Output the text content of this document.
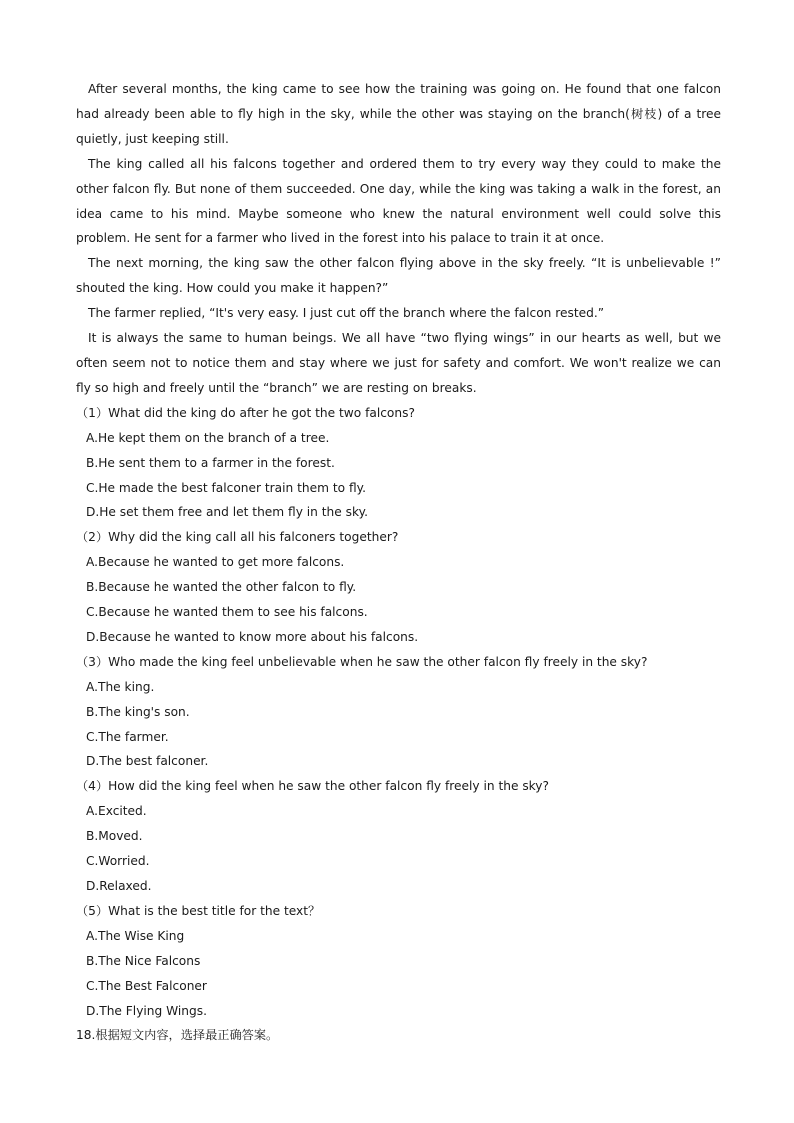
After several months, the king came to see how the training was going on. He found that one falcon had already been able to fly high in the sky, while the other was staying on the branch(树枝) of a tree quietly, just keeping still.

The king called all his falcons together and ordered them to try every way they could to make the other falcon fly. But none of them succeeded. One day, while the king was taking a walk in the forest, an idea came to his mind. Maybe someone who knew the natural environment well could solve this problem. He sent for a farmer who lived in the forest into his palace to train it at once.

The next morning, the king saw the other falcon flying above in the sky freely. “It is unbelievable !” shouted the king. How could you make it happen?”

The farmer replied, “It's very easy. I just cut off the branch where the falcon rested.”

It is always the same to human beings. We all have “two flying wings” in our hearts as well, but we often seem not to notice them and stay where we just for safety and comfort. We won't realize we can fly so high and freely until the “branch” we are resting on breaks.

（1）What did the king do after he got the two falcons?

A.He kept them on the branch of a tree.

B.He sent them to a farmer in the forest.

C.He made the best falconer train them to fly.

D.He set them free and let them fly in the sky.

（2）Why did the king call all his falconers together?

A.Because he wanted to get more falcons.

B.Because he wanted the other falcon to fly.

C.Because he wanted them to see his falcons.

D.Because he wanted to know more about his falcons.

（3）Who made the king feel unbelievable when he saw the other falcon fly freely in the sky?

A.The king.

B.The king's son.

C.The farmer.

D.The best falconer.

（4）How did the king feel when he saw the other falcon fly freely in the sky?

A.Excited.

B.Moved.

C.Worried.

D.Relaxed.

（5）What is the best title for the text？

A.The Wise King

B.The Nice Falcons

C.The Best Falconer

D.The Flying Wings.

18.根据短文内容，选择最正确答案。
